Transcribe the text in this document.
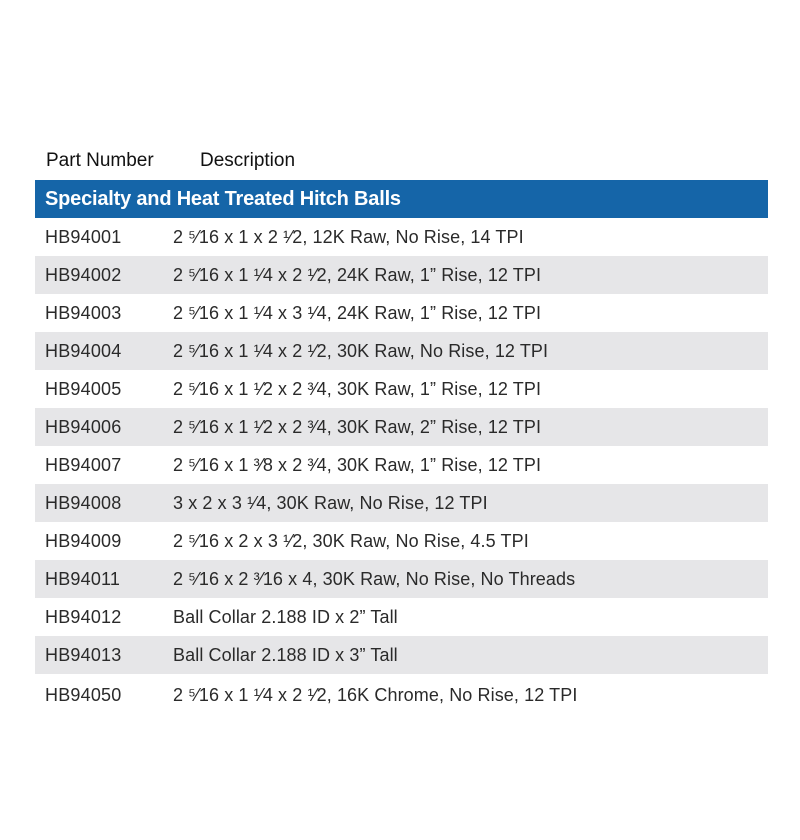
Part Number	Description
Specialty and Heat Treated Hitch Balls
HB94001	2 ⁵⁄16 x 1 x 2 ¹⁄2, 12K Raw, No Rise, 14 TPI
HB94002	2 ⁵⁄16 x 1 ¹⁄4 x 2 ¹⁄2, 24K Raw, 1” Rise, 12 TPI
HB94003	2 ⁵⁄16 x 1 ¹⁄4 x 3 ¹⁄4, 24K Raw, 1” Rise, 12 TPI
HB94004	2 ⁵⁄16 x 1 ¹⁄4 x 2 ¹⁄2, 30K Raw, No Rise, 12 TPI
HB94005	2 ⁵⁄16 x 1 ¹⁄2 x 2 ³⁄4, 30K Raw, 1” Rise, 12 TPI
HB94006	2 ⁵⁄16 x 1 ¹⁄2 x 2 ³⁄4, 30K Raw, 2” Rise, 12 TPI
HB94007	2 ⁵⁄16 x 1 ³⁄8 x 2 ³⁄4, 30K Raw, 1” Rise, 12 TPI
HB94008	3 x 2 x 3 ¹⁄4, 30K Raw, No Rise, 12 TPI
HB94009	2 ⁵⁄16 x 2 x 3 ¹⁄2, 30K Raw, No Rise, 4.5 TPI
HB94011	2 ⁵⁄16 x 2 ³⁄16 x 4, 30K Raw, No Rise, No Threads
HB94012	Ball Collar 2.188 ID x 2” Tall
HB94013	Ball Collar 2.188 ID x 3” Tall
HB94050	2 ⁵⁄16 x 1 ¹⁄4 x 2 ¹⁄2, 16K Chrome, No Rise, 12 TPI
